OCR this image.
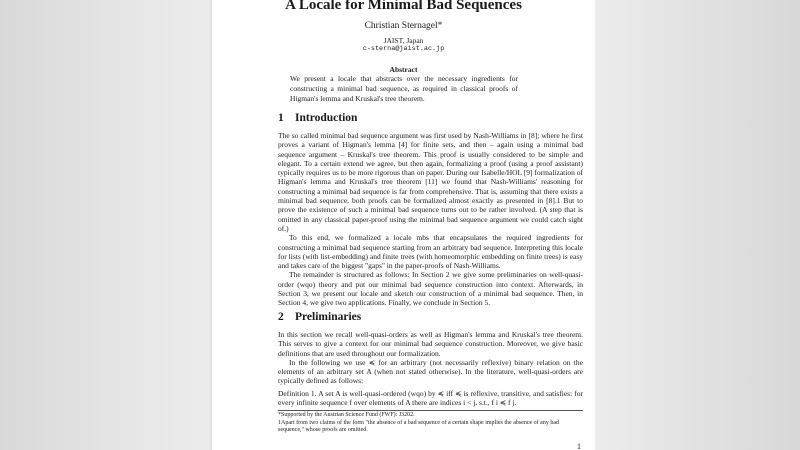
A Locale for Minimal Bad Sequences
Christian Sternagel*
JAIST, Japan
c-sterna@jaist.ac.jp
Abstract
We present a locale that abstracts over the necessary ingredients for constructing a minimal bad sequence, as required in classical proofs of Higman's lemma and Kruskal's tree theorem.
1 Introduction

The so called minimal bad sequence argument was first used by Nash-Williams in [8]; where he first proves a variant of Higman's lemma [4] for finite sets, and then – again using a minimal bad sequence argument – Kruskal's tree theorem. This proof is usually considered to be simple and elegant. To a certain extend we agree, but then again, formalizing a proof (using a proof assistant) typically requires us to be more rigorous than on paper. During our Isabelle/HOL [9] formalization of Higman's lemma and Kruskal's tree theorem [11] we found that Nash-Williams' reasoning for constructing a minimal bad sequence is far from comprehensive. That is, assuming that there exists a minimal bad sequence, both proofs can be formalized almost exactly as presented in [8].1 But to prove the existence of such a minimal bad sequence turns out to be rather involved. (A step that is omitted in any classical paper-proof using the minimal bad sequence argument we could catch sight of.)

To this end, we formalized a locale mbs that encapsulates the required ingredients for constructing a minimal bad sequence starting from an arbitrary bad sequence. Interpreting this locale for lists (with list-embedding) and finite trees (with homeomorphic embedding on finite trees) is easy and takes care of the biggest "gaps" in the paper-proofs of Nash-Williams.

The remainder is structured as follows: In Section 2 we give some preliminaries on well-quasi-order (wqo) theory and put our minimal bad sequence construction into context. Afterwards, in Section 3, we present our locale and sketch our construction of a minimal bad sequence. Then, in Section 4, we give two applications. Finally, we conclude in Section 5.

2 Preliminaries

In this section we recall well-quasi-orders as well as Higman's lemma and Kruskal's tree theorem. This serves to give a context for our minimal bad sequence construction. Moreover, we give basic definitions that are used throughout our formalization.

In the following we use ≼ for an arbitrary (not necessarily reflexive) binary relation on the elements of an arbitrary set A (when not stated otherwise). In the literature, well-quasi-orders are typically defined as follows:

Definition 1. A set A is well-quasi-ordered (wqo) by ≼ iff ≼ is reflexive, transitive, and satisfies: for every infinite sequence f over elements of A there are indices i < j, s.t., f i ≼ f j.

*Supported by the Austrian Science Fund (FWF): J3202.
1Apart from two claims of the form "the absence of a bad sequence of a certain shape implies the absence of any bad sequence," whose proofs are omitted.
1
